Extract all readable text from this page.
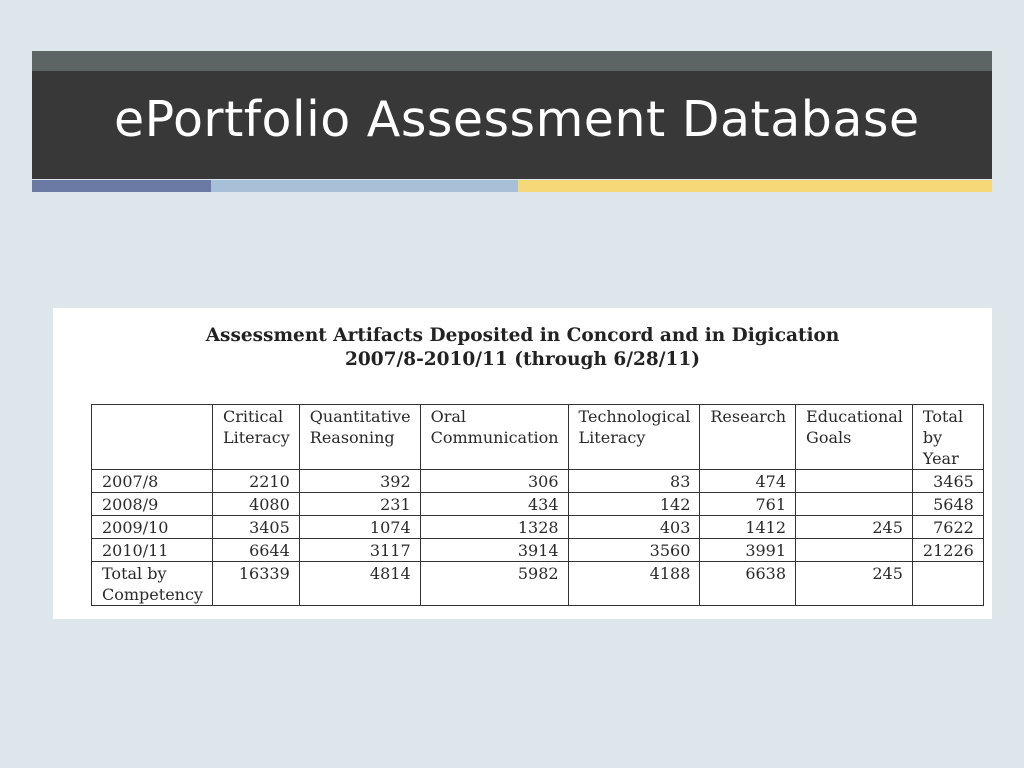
ePortfolio Assessment Database
Assessment Artifacts Deposited in Concord and in Digication
2007/8-2010/11 (through 6/28/11)
	Critical Literacy	Quantitative Reasoning	Oral Communication	Technological Literacy	Research	Educational Goals	Total by Year
2007/8	2210	392	306	83	474		3465
2008/9	4080	231	434	142	761		5648
2009/10	3405	1074	1328	403	1412	245	7622
2010/11	6644	3117	3914	3560	3991		21226
Total by Competency	16339	4814	5982	4188	6638	245	
